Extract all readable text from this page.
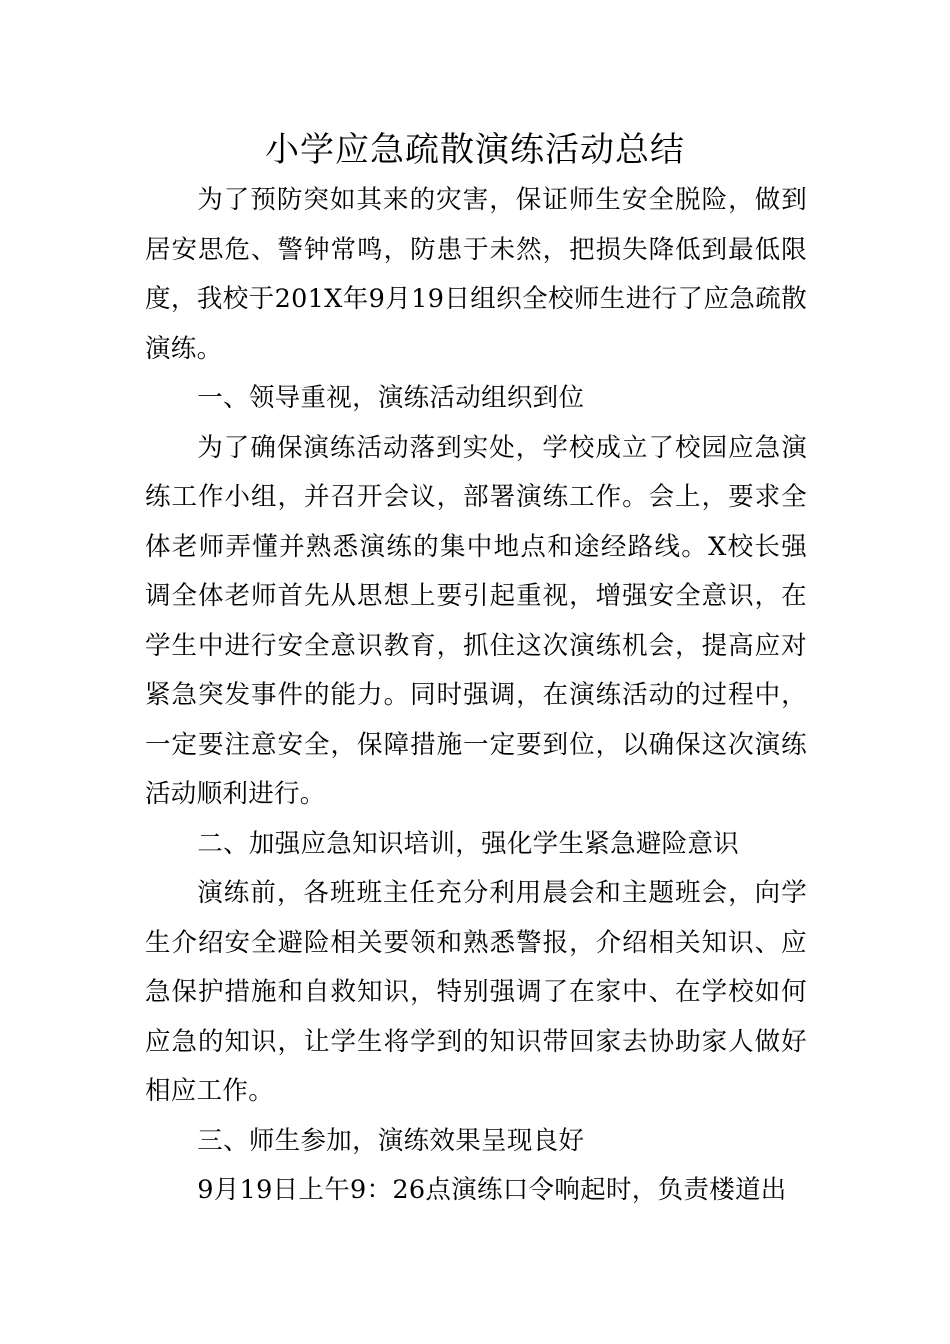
小学应急疏散演练活动总结

为了预防突如其来的灾害，保证师生安全脱险，做到居安思危、警钟常鸣，防患于未然，把损失降低到最低限度，我校于201X年9月19日组织全校师生进行了应急疏散演练。

一、领导重视，演练活动组织到位

为了确保演练活动落到实处，学校成立了校园应急演练工作小组，并召开会议，部署演练工作。会上，要求全体老师弄懂并熟悉演练的集中地点和途经路线。X校长强调全体老师首先从思想上要引起重视，增强安全意识，在学生中进行安全意识教育，抓住这次演练机会，提高应对紧急突发事件的能力。同时强调，在演练活动的过程中，一定要注意安全，保障措施一定要到位，以确保这次演练活动顺利进行。

二、加强应急知识培训，强化学生紧急避险意识

演练前，各班班主任充分利用晨会和主题班会，向学生介绍安全避险相关要领和熟悉警报，介绍相关知识、应急保护措施和自救知识，特别强调了在家中、在学校如何应急的知识，让学生将学到的知识带回家去协助家人做好相应工作。

三、师生参加，演练效果呈现良好

9月19日上午9：26点演练口令响起时，负责楼道出
